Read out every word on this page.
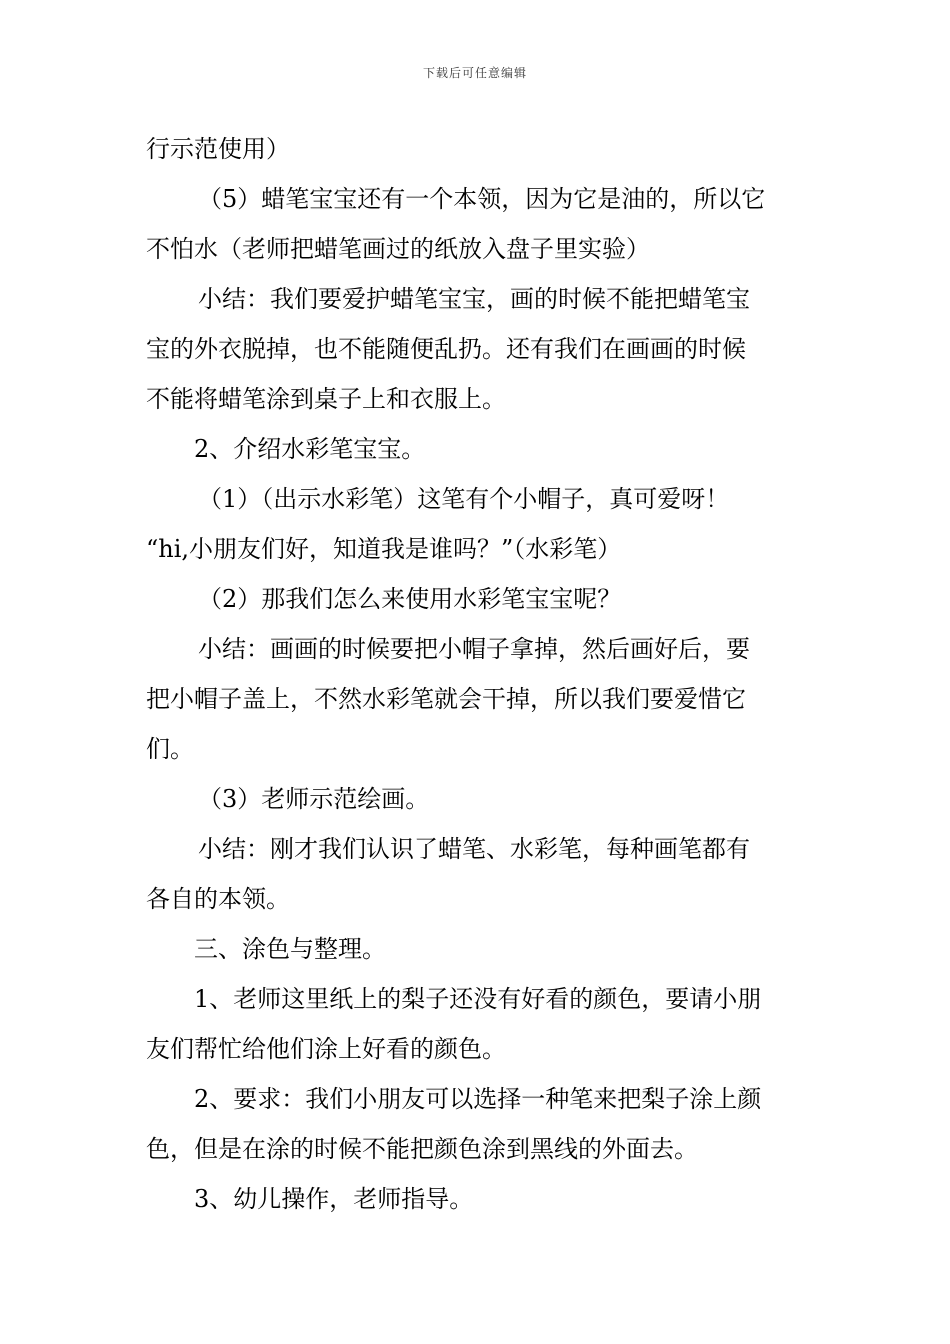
下载后可任意编辑
行示范使用）
（5）蜡笔宝宝还有一个本领，因为它是油的，所以它
不怕水（老师把蜡笔画过的纸放入盘子里实验）
小结：我们要爱护蜡笔宝宝，画的时候不能把蜡笔宝
宝的外衣脱掉，也不能随便乱扔。还有我们在画画的时候
不能将蜡笔涂到桌子上和衣服上。
2、介绍水彩笔宝宝。
（1）（出示水彩笔）这笔有个小帽子，真可爱呀！
“hi,小朋友们好，知道我是谁吗？”（水彩笔）
（2）那我们怎么来使用水彩笔宝宝呢？
小结：画画的时候要把小帽子拿掉，然后画好后，要
把小帽子盖上，不然水彩笔就会干掉，所以我们要爱惜它
们。
（3）老师示范绘画。
小结：刚才我们认识了蜡笔、水彩笔，每种画笔都有
各自的本领。
三、涂色与整理。
1、老师这里纸上的梨子还没有好看的颜色，要请小朋
友们帮忙给他们涂上好看的颜色。
2、要求：我们小朋友可以选择一种笔来把梨子涂上颜
色，但是在涂的时候不能把颜色涂到黑线的外面去。
3、幼儿操作，老师指导。
